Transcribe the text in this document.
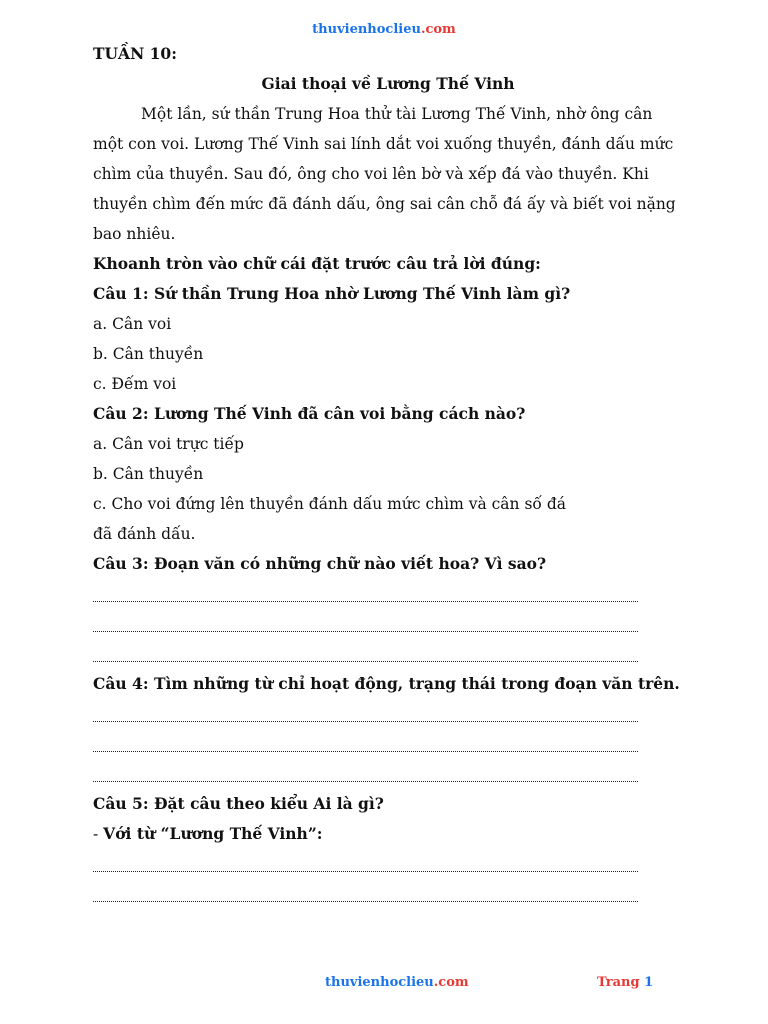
thuvienhoclieu.com
TUẦN 10:
Giai thoại về Lương Thế Vinh
Một lần, sứ thần Trung Hoa thử tài Lương Thế Vinh, nhờ ông cân
một con voi. Lương Thế Vinh sai lính dắt voi xuống thuyền, đánh dấu mức
chìm của thuyền. Sau đó, ông cho voi lên bờ và xếp đá vào thuyền. Khi
thuyền chìm đến mức đã đánh dấu, ông sai cân chỗ đá ấy và biết voi nặng
bao nhiêu.
Khoanh tròn vào chữ cái đặt trước câu trả lời đúng:
Câu 1: Sứ thần Trung Hoa nhờ Lương Thế Vinh làm gì?
a. Cân voi
b. Cân thuyền
c. Đếm voi
Câu 2: Lương Thế Vinh đã cân voi bằng cách nào?
a. Cân voi trực tiếp
b. Cân thuyền
c. Cho voi đứng lên thuyền đánh dấu mức chìm và cân số đá
đã đánh dấu.
Câu 3: Đoạn văn có những chữ nào viết hoa? Vì sao?
Câu 4: Tìm những từ chỉ hoạt động, trạng thái trong đoạn văn trên.
Câu 5: Đặt câu theo kiểu Ai là gì?
- Với từ “Lương Thế Vinh”:
thuvienhoclieu.com	Trang 1
